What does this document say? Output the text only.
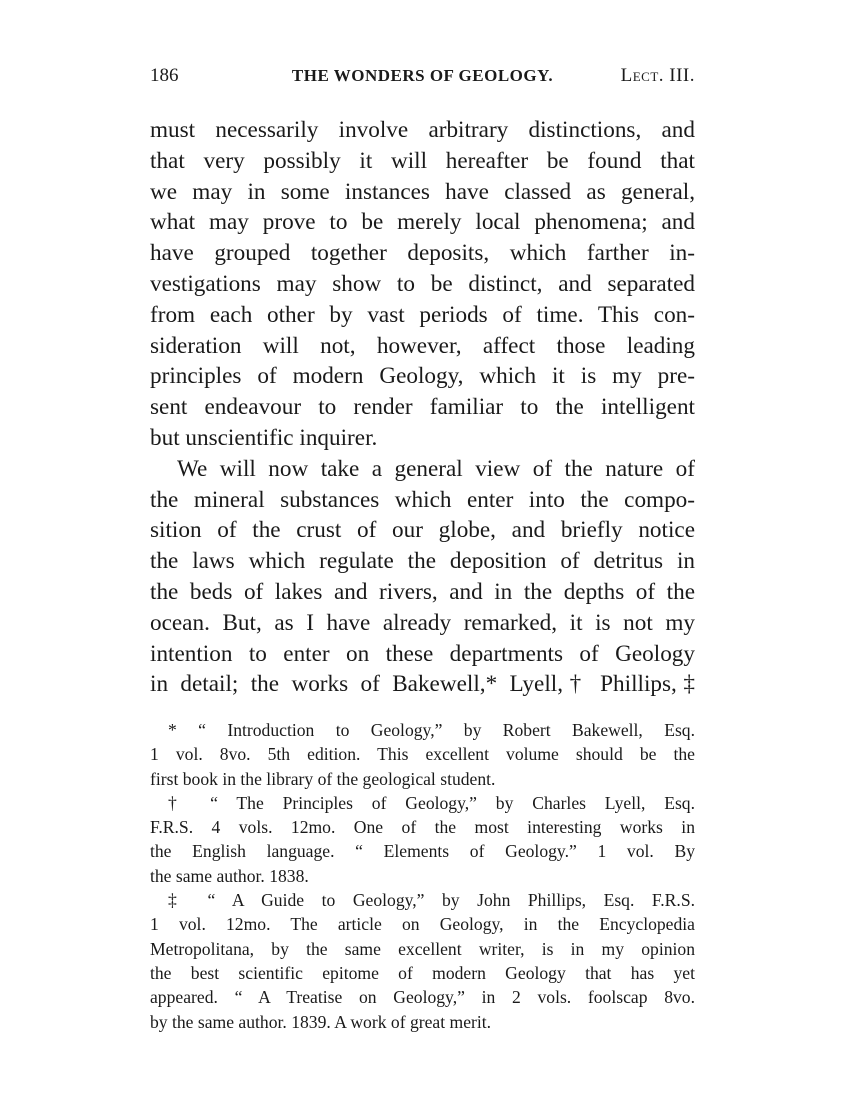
186	THE WONDERS OF GEOLOGY.	Lect. III.
must necessarily involve arbitrary distinctions, and
that very possibly it will hereafter be found that
we may in some instances have classed as general,
what may prove to be merely local phenomena; and
have grouped together deposits, which farther in-
vestigations may show to be distinct, and separated
from each other by vast periods of time. This con-
sideration will not, however, affect those leading
principles of modern Geology, which it is my pre-
sent endeavour to render familiar to the intelligent
but unscientific inquirer.
We will now take a general view of the nature of
the mineral substances which enter into the compo-
sition of the crust of our globe, and briefly notice
the laws which regulate the deposition of detritus in
the beds of lakes and rivers, and in the depths of the
ocean. But, as I have already remarked, it is not my
intention to enter on these departments of Geology
in detail; the works of Bakewell,* Lyell,† Phillips,‡
* “ Introduction to Geology,” by Robert Bakewell, Esq.
1 vol. 8vo. 5th edition. This excellent volume should be the
first book in the library of the geological student.
† “ The Principles of Geology,” by Charles Lyell, Esq.
F.R.S. 4 vols. 12mo. One of the most interesting works in
the English language. “ Elements of Geology.” 1 vol. By
the same author. 1838.
‡ “ A Guide to Geology,” by John Phillips, Esq. F.R.S.
1 vol. 12mo. The article on Geology, in the Encyclopedia
Metropolitana, by the same excellent writer, is in my opinion
the best scientific epitome of modern Geology that has yet
appeared. “ A Treatise on Geology,” in 2 vols. foolscap 8vo.
by the same author. 1839. A work of great merit.
